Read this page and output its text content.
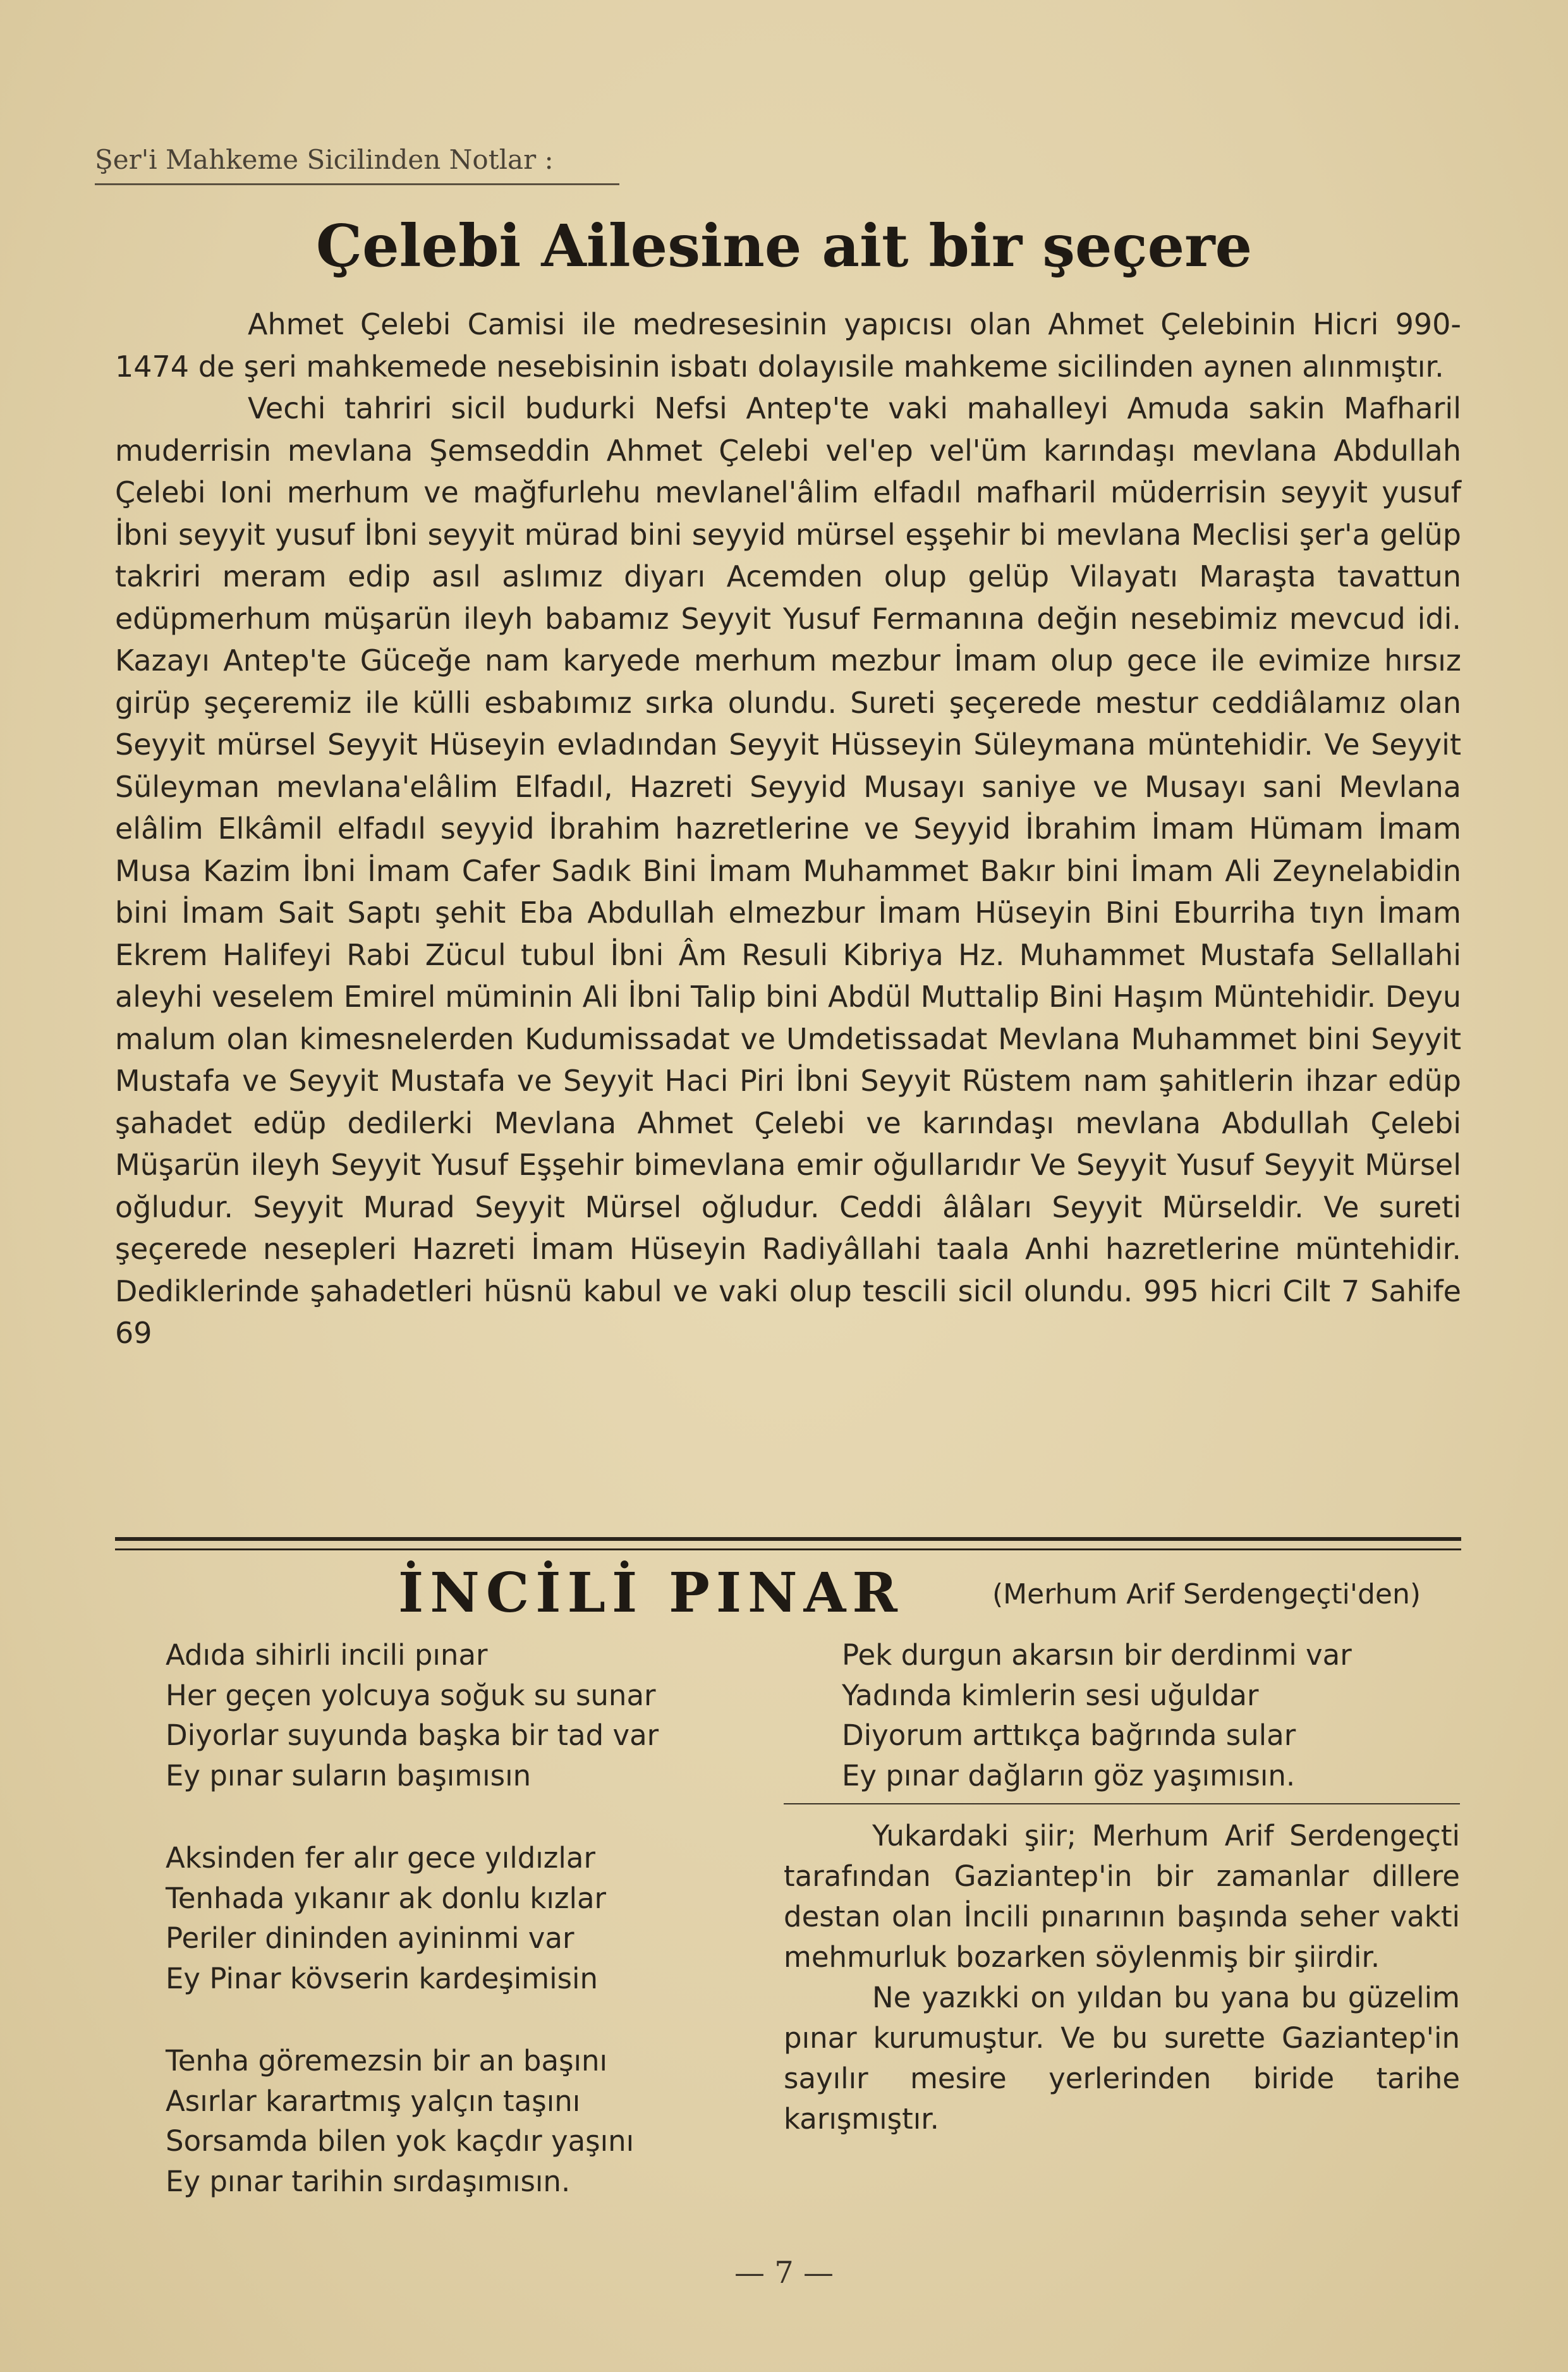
Şer'i Mahkeme Sicilinden Notlar :
Çelebi Ailesine ait bir şeçere

Ahmet Çelebi Camisi ile medresesinin yapıcısı olan Ahmet Çelebinin Hicri 990-1474 de şeri mahkemede nesebisinin isbatı dolayısile mahkeme sicilinden aynen alınmıştır.

Vechi tahriri sicil budurki Nefsi Antep'te vaki mahalleyi Amuda sakin Mafharil muderrisin mevlana Şemseddin Ahmet Çelebi vel'ep vel'üm karındaşı mevlana Abdullah Çelebi Ioni merhum ve mağfurlehu mevlanel'âlim elfadıl mafharil müderrisin seyyit yusuf İbni seyyit yusuf İbni seyyit mürad bini seyyid mürsel eşşehir bi mevlana Meclisi şer'a gelüp takriri meram edip asıl aslımız diyarı Acemden olup gelüp Vilayatı Maraşta tavattun edüpmerhum müşarün ileyh babamız Seyyit Yusuf Fermanına değin nesebimiz mevcud idi. Kazayı Antep'te Güceğe nam karyede merhum mezbur İmam olup gece ile evimize hırsız girüp şeçeremiz ile külli esbabımız sırka olundu. Sureti şeçerede mestur ceddiâlamız olan Seyyit mürsel Seyyit Hüseyin evladından Seyyit Hüsseyin Süleymana müntehidir. Ve Seyyit Süleyman mevlana'elâlim Elfadıl, Hazreti Seyyid Musayı saniye ve Musayı sani Mevlana elâlim Elkâmil elfadıl seyyid İbrahim hazretlerine ve Seyyid İbrahim İmam Hümam İmam Musa Kazim İbni İmam Cafer Sadık Bini İmam Muhammet Bakır bini İmam Ali Zeynelabidin bini İmam Sait Saptı şehit Eba Abdullah elmezbur İmam Hüseyin Bini Eburriha tıyn İmam Ekrem Halifeyi Rabi Zücul tubul İbni Âm Resuli Kibriya Hz. Muhammet Mustafa Sellallahi aleyhi veselem Emirel müminin Ali İbni Talip bini Abdül Muttalip Bini Haşım Müntehidir. Deyu malum olan kimesnelerden Kudumissadat ve Umdetissadat Mevlana Muhammet bini Seyyit Mustafa ve Seyyit Mustafa ve Seyyit Haci Piri İbni Seyyit Rüstem nam şahitlerin ihzar edüp şahadet edüp dedilerki Mevlana Ahmet Çelebi ve karındaşı mevlana Abdullah Çelebi Müşarün ileyh Seyyit Yusuf Eşşehir bimevlana emir oğullarıdır Ve Seyyit Yusuf Seyyit Mürsel oğludur. Seyyit Murad Seyyit Mürsel oğludur. Ceddi âlâları Seyyit Mürseldir. Ve sureti şeçerede nesepleri Hazreti İmam Hüseyin Radiyâllahi taala Anhi hazretlerine müntehidir. Dedikleri̇nde şahadetleri hüsnü kabul ve vaki olup tescili sicil olundu. 995 hicri Cilt 7 Sahife 69

İNCİLİ PINAR	(Merhum Arif Serdengeçti'den)
Adıda sihirli incili pınar
Her geçen yolcuya soğuk su sunar
Diyorlar suyunda başka bir tad var
Ey pınar suların başımısın
Aksinden fer alır gece yıldızlar
Tenhada yıkanır ak donlu kızlar
Periler dininden ayininmi var
Ey Pinar kövserin kardeşimisin
Tenha göremezsin bir an başını
Asırlar karartmış yalçın taşını
Sorsamda bilen yok kaçdır yaşını
Ey pınar tarihin sırdaşımısın.
Pek durgun akarsın bir derdinmi var
Yadında kimlerin sesi uğuldar
Diyorum arttıkça bağrında sular
Ey pınar dağların göz yaşımısın.

Yukardaki şiir; Merhum Arif Serdengeçti tarafından Gaziantep'in bir zamanlar dillere destan olan İncili pınarının başında seher vakti mehmurluk bozarken söylenmiş bir şiirdir.

Ne yazıkki on yıldan bu yana bu güzelim pınar kurumuştur. Ve bu surette Gaziantep'in sayılır mesire yerlerinden biride tarihe karışmıştır.

— 7 —
